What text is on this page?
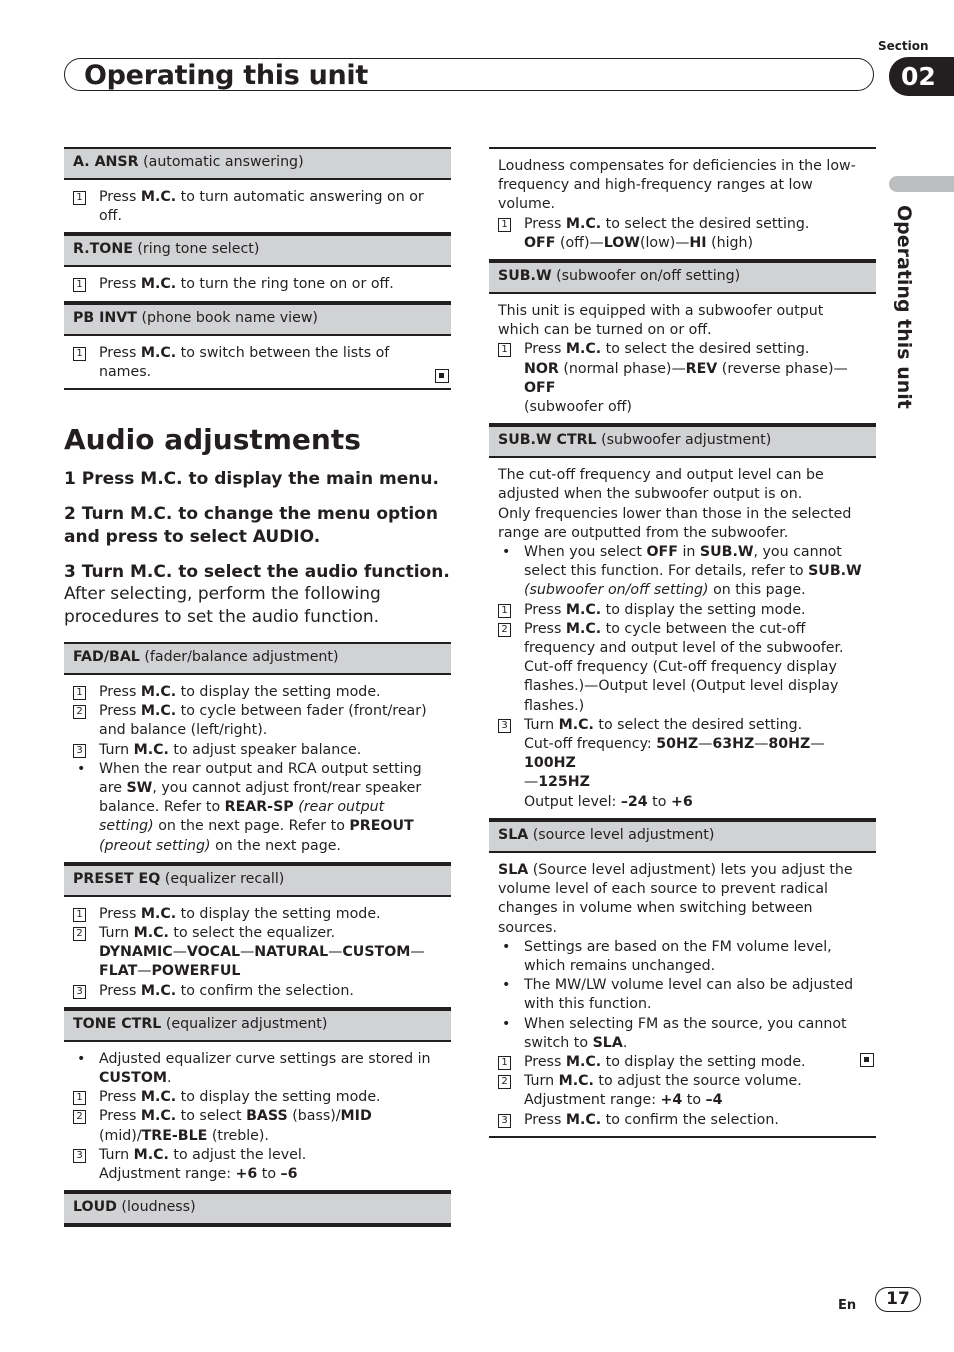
Operating this unit
Section
02
Operating this unit
A. ANSR (automatic answering)
1 Press M.C. to turn automatic answering on or off.
R.TONE (ring tone select)
1 Press M.C. to turn the ring tone on or off.
PB INVT (phone book name view)
1 Press M.C. to switch between the lists of names.
Audio adjustments
1 Press M.C. to display the main menu.
2 Turn M.C. to change the menu option and press to select AUDIO.
3 Turn M.C. to select the audio function.
After selecting, perform the following procedures to set the audio function.
FAD/BAL (fader/balance adjustment)
1 Press M.C. to display the setting mode.
2 Press M.C. to cycle between fader (front/rear) and balance (left/right).
3 Turn M.C. to adjust speaker balance.
• When the rear output and RCA output setting are SW, you cannot adjust front/rear speaker balance. Refer to REAR-SP (rear output setting) on the next page. Refer to PREOUT (preout setting) on the next page.
PRESET EQ (equalizer recall)
1 Press M.C. to display the setting mode.
2 Turn M.C. to select the equalizer.
DYNAMIC—VOCAL—NATURAL—CUSTOM—
FLAT—POWERFUL
3 Press M.C. to confirm the selection.
TONE CTRL (equalizer adjustment)
• Adjusted equalizer curve settings are stored in CUSTOM.
1 Press M.C. to display the setting mode.
2 Press M.C. to select BASS (bass)/MID (mid)/TRE-BLE (treble).
3 Turn M.C. to adjust the level.
Adjustment range: +6 to –6
LOUD (loudness)
Loudness compensates for deficiencies in the low-frequency and high-frequency ranges at low volume.
1 Press M.C. to select the desired setting.
OFF (off)—LOW(low)—HI (high)
SUB.W (subwoofer on/off setting)
This unit is equipped with a subwoofer output which can be turned on or off.
1 Press M.C. to select the desired setting.
NOR (normal phase)—REV (reverse phase)—OFF
(subwoofer off)
SUB.W CTRL (subwoofer adjustment)
The cut-off frequency and output level can be adjusted when the subwoofer output is on.
Only frequencies lower than those in the selected range are outputted from the subwoofer.
• When you select OFF in SUB.W, you cannot select this function. For details, refer to SUB.W (subwoofer on/off setting) on this page.
1 Press M.C. to display the setting mode.
2 Press M.C. to cycle between the cut-off frequency and output level of the subwoofer.
Cut-off frequency (Cut-off frequency display flashes.)—Output level (Output level display flashes.)
3 Turn M.C. to select the desired setting.
Cut-off frequency: 50HZ—63HZ—80HZ—100HZ
—125HZ
Output level: –24 to +6
SLA (source level adjustment)
SLA (Source level adjustment) lets you adjust the volume level of each source to prevent radical changes in volume when switching between sources.
• Settings are based on the FM volume level, which remains unchanged.
• The MW/LW volume level can also be adjusted with this function.
• When selecting FM as the source, you cannot switch to SLA.
1 Press M.C. to display the setting mode.
2 Turn M.C. to adjust the source volume.
Adjustment range: +4 to –4
3 Press M.C. to confirm the selection.
En	17
